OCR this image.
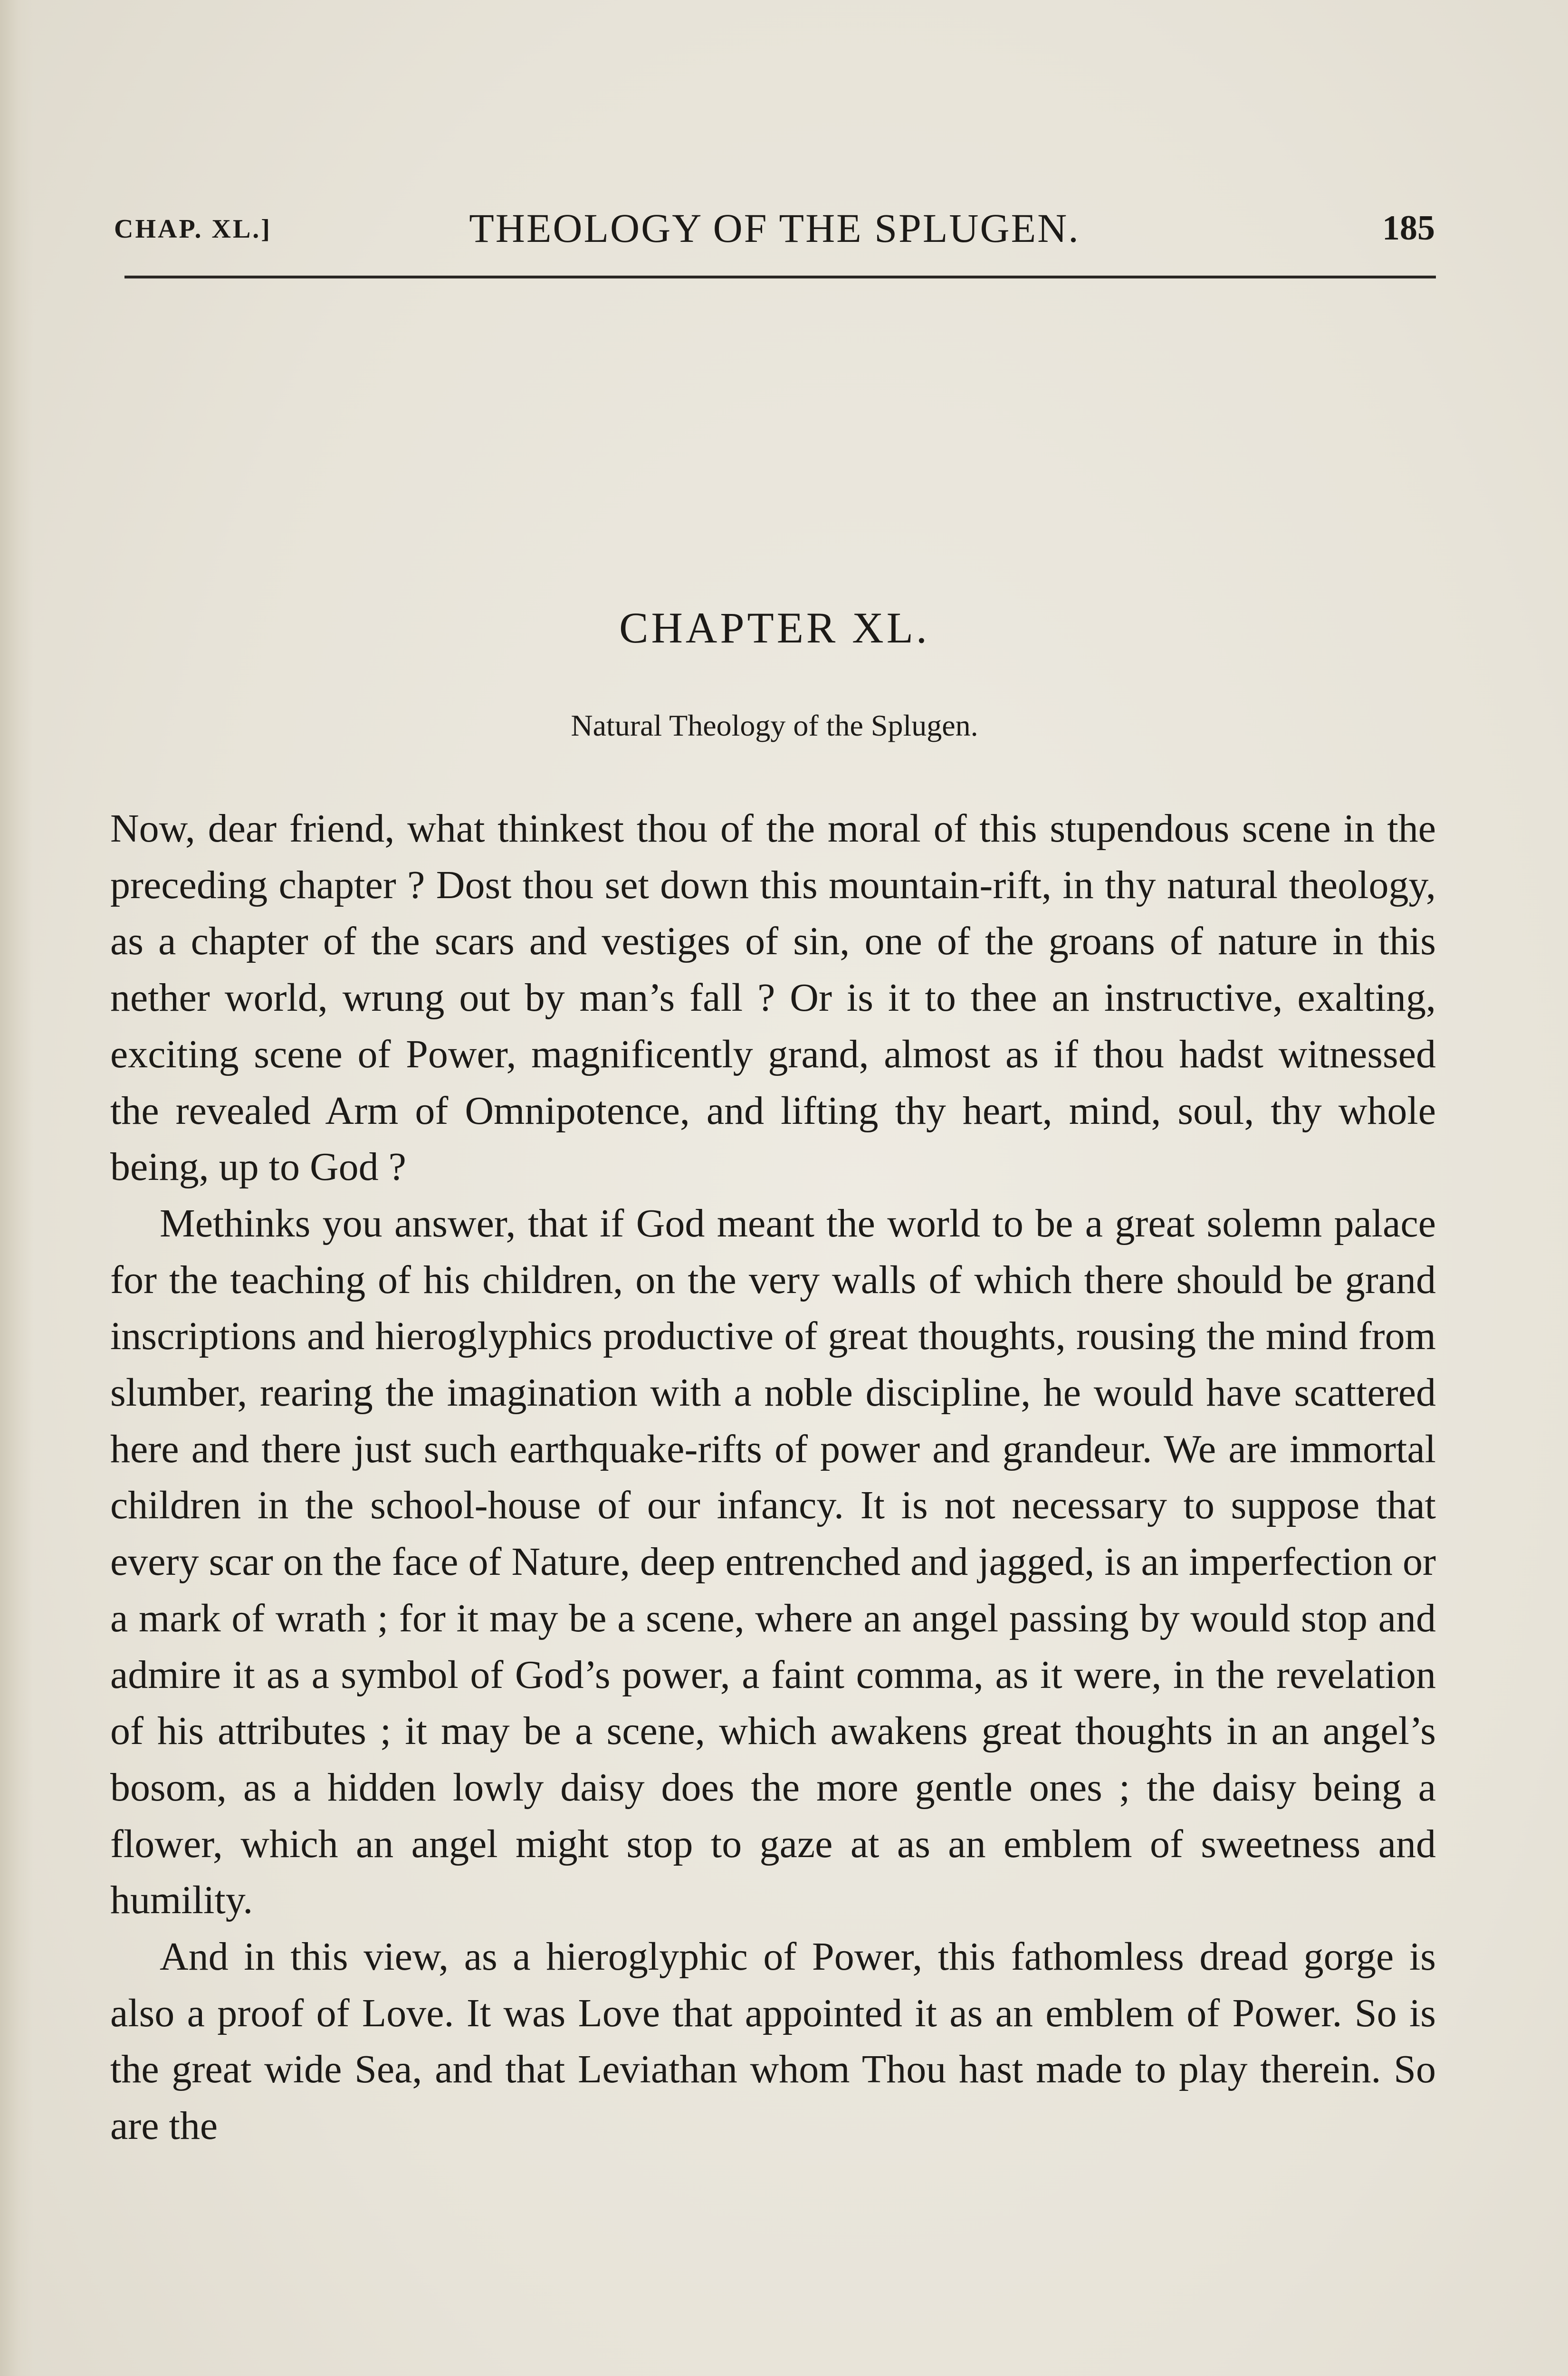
CHAP. XL.]	THEOLOGY OF THE SPLUGEN.	185
CHAPTER XL.
Natural Theology of the Splugen.

Now, dear friend, what thinkest thou of the moral of this stupendous scene in the preceding chapter ? Dost thou set down this mountain-rift, in thy natural theology, as a chapter of the scars and vestiges of sin, one of the groans of nature in this nether world, wrung out by man’s fall ? Or is it to thee an instructive, exalting, exciting scene of Power, magnificently grand, almost as if thou hadst witnessed the revealed Arm of Omnipotence, and lifting thy heart, mind, soul, thy whole being, up to God ?

Methinks you answer, that if God meant the world to be a great solemn palace for the teaching of his children, on the very walls of which there should be grand inscriptions and hieroglyphics productive of great thoughts, rousing the mind from slumber, rearing the imagination with a noble discipline, he would have scattered here and there just such earthquake-rifts of power and grandeur. We are immortal children in the school-house of our infancy. It is not necessary to suppose that every scar on the face of Nature, deep entrenched and jagged, is an imperfection or a mark of wrath ; for it may be a scene, where an angel passing by would stop and admire it as a symbol of God’s power, a faint comma, as it were, in the revelation of his attributes ; it may be a scene, which awakens great thoughts in an angel’s bosom, as a hidden lowly daisy does the more gentle ones ; the daisy being a flower, which an angel might stop to gaze at as an emblem of sweetness and humility.

And in this view, as a hieroglyphic of Power, this fathomless dread gorge is also a proof of Love. It was Love that appointed it as an emblem of Power. So is the great wide Sea, and that Leviathan whom Thou hast made to play therein. So are the
